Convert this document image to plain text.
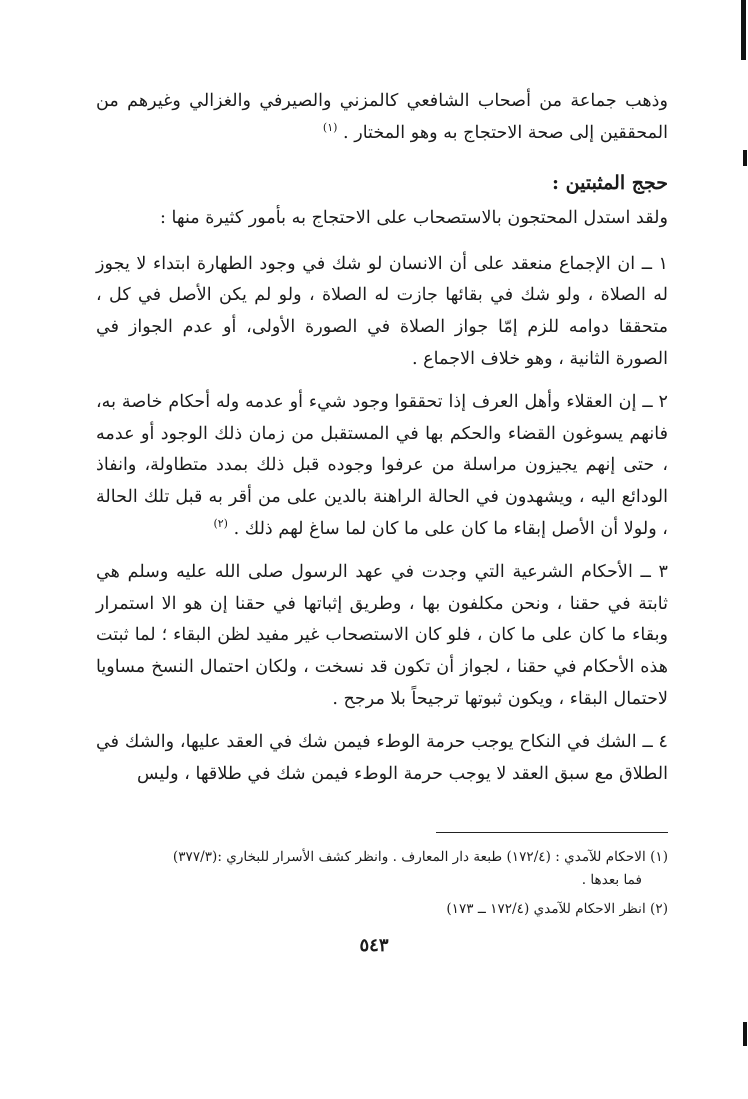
وذهب جماعة من أصحاب الشافعي كالمزني والصيرفي والغزالي وغيرهم من المحققين إلى صحة الاحتجاج به وهو المختار . $^{(١)}$

حجج المثبتين :

ولقد استدل المحتجون بالاستصحاب على الاحتجاج به بأمور كثيرة منها :

١ ــ ان الإجماع منعقد على أن الانسان لو شك في وجود الطهارة ابتداء لا يجوز له الصلاة ، ولو شك في بقائها جازت له الصلاة ، ولو لم يكن الأصل في كل ، متحققا دوامه للزم إمّا جواز الصلاة في الصورة الأولى، أو عدم الجواز في الصورة الثانية ، وهو خلاف الاجماع .

٢ ــ إن العقلاء وأهل العرف إذا تحققوا وجود شيء أو عدمه وله أحكام خاصة به، فانهم يسوغون القضاء والحكم بها في المستقبل من زمان ذلك الوجود أو عدمه ، حتى إنهم يجيزون مراسلة من عرفوا وجوده قبل ذلك بمدد متطاولة، وانفاذ الودائع اليه ، ويشهدون في الحالة الراهنة بالدين على من أقر به قبل تلك الحالة ، ولولا أن الأصل إبقاء ما كان على ما كان لما ساغ لهم ذلك . $^{(٢)}$

٣ ــ الأحكام الشرعية التي وجدت في عهد الرسول صلى الله عليه وسلم هي ثابتة في حقنا ، ونحن مكلفون بها ، وطريق إثباتها في حقنا إن هو الا استمرار وبقاء ما كان على ما كان ، فلو كان الاستصحاب غير مفيد لظن البقاء ؛ لما ثبتت هذه الأحكام في حقنا ، لجواز أن تكون قد نسخت ، ولكان احتمال النسخ مساويا لاحتمال البقاء ، ويكون ثبوتها ترجيحاً بلا مرجح .

٤ ــ الشك في النكاح يوجب حرمة الوطء فيمن شك في العقد عليها، والشك في الطلاق مع سبق العقد لا يوجب حرمة الوطء فيمن شك في طلاقها ، وليس

(١) الاحكام للآمدي : (١٧٢/٤) طبعة دار المعارف . وانظر كشف الأسرار للبخاري :(٣٧٧/٣)
فما بعدها .
(٢) انظر الاحكام للآمدي (١٧٢/٤ ــ ١٧٣)
٥٤٣
